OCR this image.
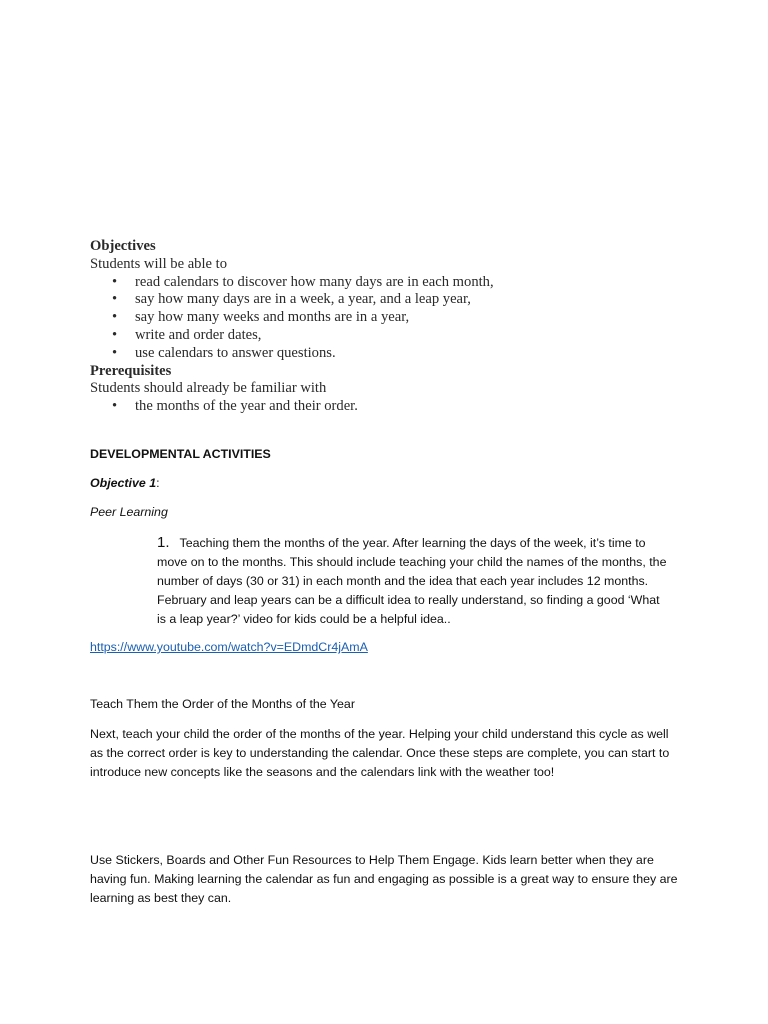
Objectives
Students will be able to
• read calendars to discover how many days are in each month,
• say how many days are in a week, a year, and a leap year,
• say how many weeks and months are in a year,
• write and order dates,
• use calendars to answer questions.
Prerequisites
Students should already be familiar with
• the months of the year and their order.
DEVELOPMENTAL ACTIVITIES
Objective 1:
Peer Learning
1. Teaching them the months of the year. After learning the days of the week, it’s time to move on to the months. This should include teaching your child the names of the months, the number of days (30 or 31) in each month and the idea that each year includes 12 months. February and leap years can be a difficult idea to really understand, so finding a good ‘What is a leap year?’ video for kids could be a helpful idea..
https://www.youtube.com/watch?v=EDmdCr4jAmA
Teach Them the Order of the Months of the Year
Next, teach your child the order of the months of the year. Helping your child understand this cycle as well as the correct order is key to understanding the calendar. Once these steps are complete, you can start to introduce new concepts like the seasons and the calendars link with the weather too!
Use Stickers, Boards and Other Fun Resources to Help Them Engage. Kids learn better when they are having fun. Making learning the calendar as fun and engaging as possible is a great way to ensure they are learning as best they can.
